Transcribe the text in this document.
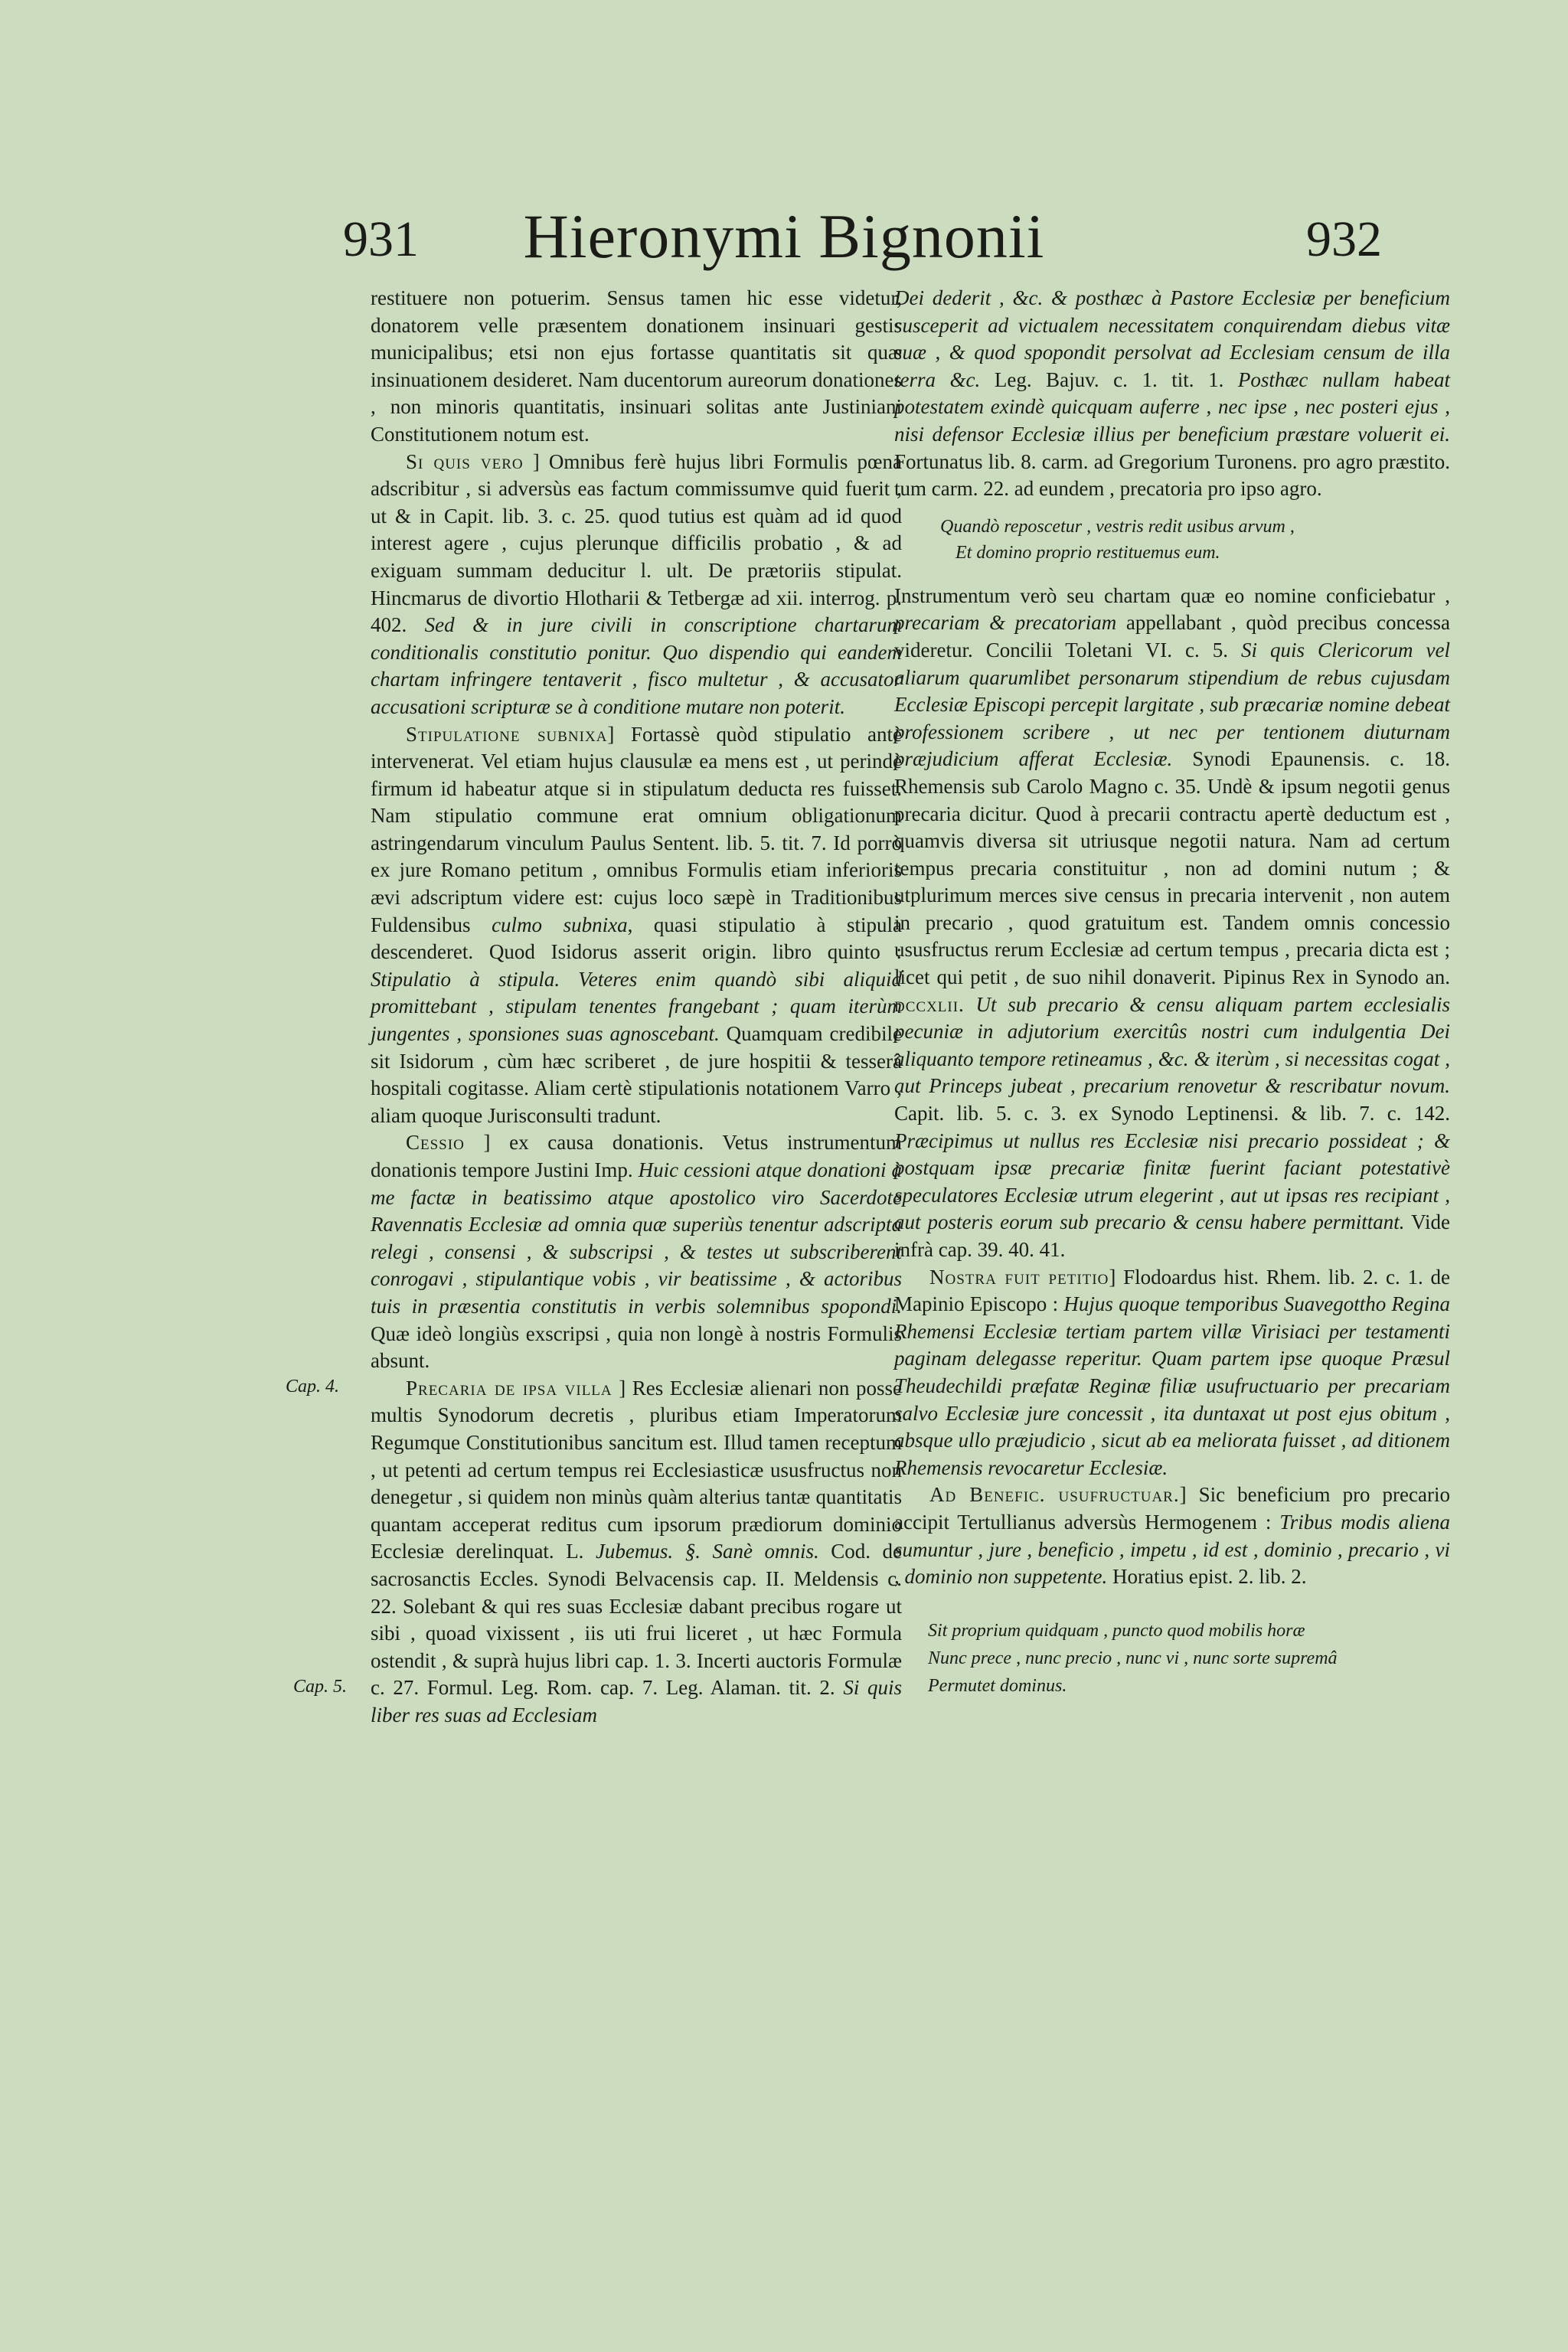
931	Hieronymi Bignonii	932
Cap. 4.
Cap. 5.

restituere non potuerim. Sensus tamen hic esse videtur, donatorem velle præsentem donationem insinuari gestis municipalibus; etsi non ejus fortasse quantitatis sit quæ insinuationem desideret. Nam ducentorum aureorum donationes , non minoris quantitatis, insinuari solitas ante Justiniani Constitutionem notum est.

Si quis vero ] Omnibus ferè hujus libri Formulis pœna adscribitur , si adversùs eas factum commissumve quid fuerit , ut & in Capit. lib. 3. c. 25. quod tutius est quàm ad id quod interest agere , cujus plerunque difficilis probatio , & ad exiguam summam deducitur l. ult. De prætoriis stipulat. Hincmarus de divortio Hlotharii & Tetbergæ ad xii. interrog. p. 402. Sed & in jure civili in conscriptione chartarum conditionalis constitutio ponitur. Quo dispendio qui eandem chartam infringere tentaverit , fisco multetur , & accusator accusationi scripturæ se à conditione mutare non poterit.

Stipulatione subnixa] Fortassè quòd stipulatio antè intervenerat. Vel etiam hujus clausulæ ea mens est , ut perindè firmum id habeatur atque si in stipulatum deducta res fuisset. Nam stipulatio commune erat omnium obligationum astringendarum vinculum Paulus Sentent. lib. 5. tit. 7. Id porrò ex jure Romano petitum , omnibus Formulis etiam inferioris ævi adscriptum videre est: cujus loco sæpè in Traditionibus Fuldensibus culmo subnixa, quasi stipulatio à stipula descenderet. Quod Isidorus asserit origin. libro quinto : Stipulatio à stipula. Veteres enim quandò sibi aliquid promittebant , stipulam tenentes frangebant ; quam iterùm jungentes , sponsiones suas agnoscebant. Quamquam credibile sit Isidorum , cùm hæc scriberet , de jure hospitii & tesserâ hospitali cogitasse. Aliam certè stipulationis notationem Varro , aliam quoque Jurisconsulti tradunt.

Cessio ] ex causa donationis. Vetus instrumentum donationis tempore Justini Imp. Huic cessioni atque donationi à me factæ in beatissimo atque apostolico viro Sacerdote Ravennatis Ecclesiæ ad omnia quæ superiùs tenentur adscripta relegi , consensi , & subscripsi , & testes ut subscriberent conrogavi , stipulantique vobis , vir beatissime , & actoribus tuis in præsentia constitutis in verbis solemnibus spopondi. Quæ ideò longiùs exscripsi , quia non longè à nostris Formulis absunt.

Precaria de ipsa villa ] Res Ecclesiæ alienari non posse multis Synodorum decretis , pluribus etiam Imperatorum Regumque Constitutionibus sancitum est. Illud tamen receptum , ut petenti ad certum tempus rei Ecclesiasticæ ususfructus non denegetur , si quidem non minùs quàm alterius tantæ quantitatis quantam acceperat reditus cum ipsorum prædiorum dominio Ecclesiæ derelinquat. L. Jubemus. §. Sanè omnis. Cod. de sacrosanctis Eccles. Synodi Belvacensis cap. II. Meldensis c. 22. Solebant & qui res suas Ecclesiæ dabant precibus rogare ut sibi , quoad vixissent , iis uti frui liceret , ut hæc Formula ostendit , & suprà hujus libri cap. 1. 3. Incerti auctoris Formulæ c. 27. Formul. Leg. Rom. cap. 7. Leg. Alaman. tit. 2. Si quis liber res suas ad Ecclesiam

Dei dederit , &c. & posthæc à Pastore Ecclesiæ per beneficium susceperit ad victualem necessitatem conquirendam diebus vitæ suæ , & quod spopondit persolvat ad Ecclesiam censum de illa terra &c. Leg. Bajuv. c. 1. tit. 1. Posthæc nullam habeat potestatem exindè quicquam auferre , nec ipse , nec posteri ejus , nisi defensor Ecclesiæ illius per beneficium præstare voluerit ei. Fortunatus lib. 8. carm. ad Gregorium Turonens. pro agro præstito. tum carm. 22. ad eundem , precatoria pro ipso agro.

Quandò reposcetur , vestris redit usibus arvum ,
Et domino proprio restituemus eum.

Instrumentum verò seu chartam quæ eo nomine conficiebatur , precariam & precatoriam appellabant , quòd precibus concessa videretur. Concilii Toletani VI. c. 5. Si quis Clericorum vel aliarum quarumlibet personarum stipendium de rebus cujusdam Ecclesiæ Episcopi percepit largitate , sub præcariæ nomine debeat professionem scribere , ut nec per tentionem diuturnam præjudicium afferat Ecclesiæ. Synodi Epaunensis. c. 18. Rhemensis sub Carolo Magno c. 35. Undè & ipsum negotii genus precaria dicitur. Quod à precarii contractu apertè deductum est , quamvis diversa sit utriusque negotii natura. Nam ad certum tempus precaria constituitur , non ad domini nutum ; & utplurimum merces sive census in precaria intervenit , non autem in precario , quod gratuitum est. Tandem omnis concessio ususfructus rerum Ecclesiæ ad certum tempus , precaria dicta est ; licet qui petit , de suo nihil donaverit. Pipinus Rex in Synodo an. dccxlii. Ut sub precario & censu aliquam partem ecclesialis pecuniæ in adjutorium exercitûs nostri cum indulgentia Dei aliquanto tempore retineamus , &c. & iterùm , si necessitas cogat , aut Princeps jubeat , precarium renovetur & rescribatur novum. Capit. lib. 5. c. 3. ex Synodo Leptinensi. & lib. 7. c. 142. Præcipimus ut nullus res Ecclesiæ nisi precario possideat ; & postquam ipsæ precariæ finitæ fuerint faciant potestativè speculatores Ecclesiæ utrum elegerint , aut ut ipsas res recipiant , aut posteris eorum sub precario & censu habere permittant. Vide infrà cap. 39. 40. 41.

Nostra fuit petitio] Flodoardus hist. Rhem. lib. 2. c. 1. de Mapinio Episcopo : Hujus quoque temporibus Suavegottho Regina Rhemensi Ecclesiæ tertiam partem villæ Virisiaci per testamenti paginam delegasse reperitur. Quam partem ipse quoque Præsul Theudechildi præfatæ Reginæ filiæ usufructuario per precariam salvo Ecclesiæ jure concessit , ita duntaxat ut post ejus obitum , absque ullo præjudicio , sicut ab ea meliorata fuisset , ad ditionem Rhemensis revocaretur Ecclesiæ.

Ad Benefic. usufructuar.] Sic beneficium pro precario accipit Tertullianus adversùs Hermogenem : Tribus modis aliena sumuntur , jure , beneficio , impetu , id est , dominio , precario , vi , dominio non suppetente. Horatius epist. 2. lib. 2.

Sit proprium quidquam , puncto quod mobilis horæ
Nunc prece , nunc precio , nunc vi , nunc sorte supremâ
Permutet dominus.
